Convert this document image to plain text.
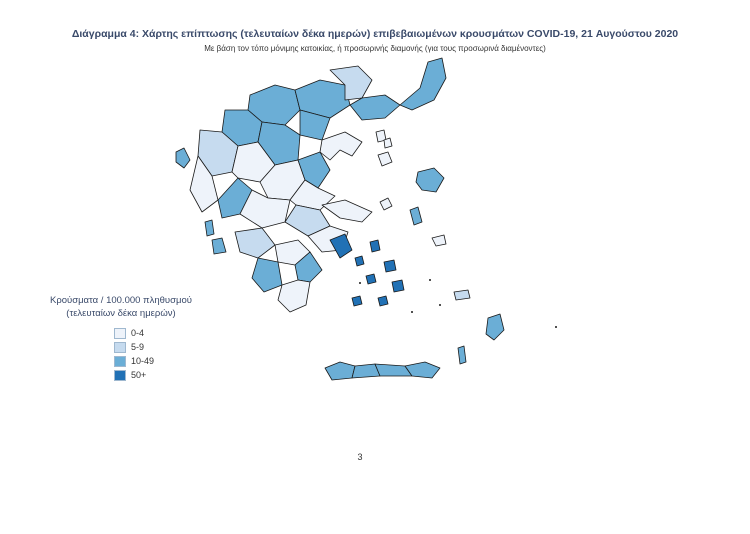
Διάγραμμα 4: Χάρτης επίπτωσης (τελευταίων δέκα ημερών) επιβεβαιωμένων κρουσμάτων COVID-19, 21 Αυγούστου 2020
Με βάση τον τόπο μόνιμης κατοικίας, ή προσωρινής διαμονής (για τους προσωρινά διαμένοντες)
Κρούσματα / 100.000 πληθυσμού
(τελευταίων δέκα ημερών)
0-4
5-9
10-49
50+
3
